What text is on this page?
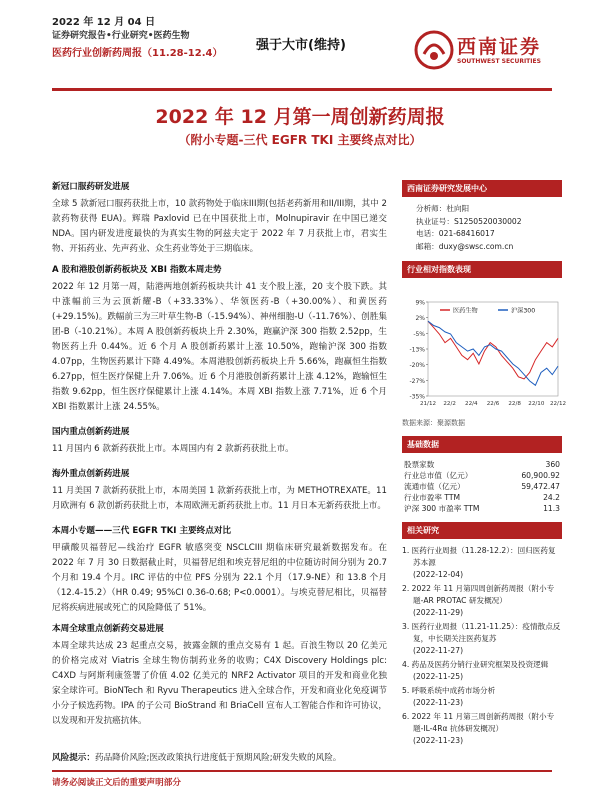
2022 年 12 月 04 日
证券研究报告•行业研究•医药生物
医药行业创新药周报（11.28-12.4）
强于大市(维持)	西南证券
SOUTHWEST SECURITIES
2022 年 12 月第一周创新药周报
（附小专题-三代 EGFR TKI 主要终点对比）
新冠口服药研发进展
全球 5 款新冠口服药获批上市，10 款药物处于临床III期(包括老药新用和II/III期，其中 2 款药物获得 EUA)。辉瑞 Paxlovid 已在中国获批上市，Molnupiravir 在中国已递交 NDA。国内研发进度最快的为真实生物的阿兹夫定于 2022 年 7 月获批上市，君实生物、开拓药业、先声药业、众生药业等处于三期临床。
A 股和港股创新药板块及 XBI 指数本周走势
2022 年 12 月第一周，陆港两地创新药板块共计 41 支个股上涨，20 支个股下跌。其中涨幅前三为云顶新耀-B（+33.33%）、华领医药-B（+30.00%）、和黄医药(+29.15%)。跌幅前三为三叶草生物-B（-15.94%）、神州细胞-U（-11.76%）、创胜集团-B（-10.21%）。本周 A 股创新药板块上升 2.30%，跑赢沪深 300 指数 2.52pp，生物医药上升 0.44%。近 6 个月 A 股创新药累计上涨 10.50%，跑输沪深 300 指数 4.07pp，生物医药累计下降 4.49%。本周港股创新药板块上升 5.66%，跑赢恒生指数 6.27pp，恒生医疗保健上升 7.06%。近 6 个月港股创新药累计上涨 4.12%，跑输恒生指数 9.62pp，恒生医疗保健累计上涨 4.14%。本周 XBI 指数上涨 7.71%，近 6 个月 XBI 指数累计上涨 24.55%。
国内重点创新药进展
11 月国内 6 款新药获批上市。本周国内有 2 款新药获批上市。
海外重点创新药进展
11 月美国 7 款新药获批上市，本周美国 1 款新药获批上市，为 METHOTREXATE。11 月欧洲有 6 款创新药获批上市，本周欧洲无新药获批上市。11 月日本无新药获批上市。
本周小专题——三代 EGFR TKI 主要终点对比
甲磺酸贝福替尼—线治疗 EGFR 敏感突变 NSCLCIII 期临床研究最新数据发布。在 2022 年 7 月 30 日数据截止时，贝福替尼组和埃克替尼组的中位随访时间分别为 20.7 个月和 19.4 个月。IRC 评估的中位 PFS 分别为 22.1 个月（17.9-NE）和 13.8 个月（12.4-15.2）（HR 0.49; 95%CI 0.36-0.68; P<0.0001）。与埃克替尼相比，贝福替尼将疾病进展或死亡的风险降低了 51%。
本周全球重点创新药交易进展
本周全球共达成 23 起重点交易，披露金额的重点交易有 1 起。百浪生物以 20 亿美元的价格完成对 Viatris 全球生物仿制药业务的收购；C4X Discovery Holdings plc: C4XD 与阿斯利康签署了价值 4.02 亿美元的 NRF2 Activator 项目的开发和商业化独家全球许可。BioNTech 和 Ryvu Therapeutics 进入全球合作，开发和商业化免疫调节小分子候选药物。IPA 的子公司 BioStrand 和 BriaCell 宣布人工智能合作和许可协议，以发现和开发抗癌抗体。
风险提示：药品降价风险;医改政策执行进度低于预期风险;研发失败的风险。
请务必阅读正文后的重要声明部分
西南证券研究发展中心
分析师：杜向阳
执业证号：S1250520030002
电话：021-68416017
邮箱：duxy@swsc.com.cn
行业相对指数表现
9%
2%
-5%
-13%
-20%
-27%
-35%
21/12 22/2 22/4 22/6 22/8 22/10 22/12
医药生物	沪深300
数据来源：聚源数据
基础数据
股票家数	360
行业总市值（亿元）	60,900.92
流通市值（亿元）	59,472.47
行业市盈率 TTM	24.2
沪深 300 市盈率 TTM	11.3
相关研究
1. 医药行业周报（11.28-12.2）：回归医药复苏本源
(2022-12-04)
2. 2022 年 11 月第四周创新药周报（附小专题-AR PROTAC 研发概况）
(2022-11-29)
3. 医药行业周报（11.21-11.25）：疫情散点反复，中长期关注医药复苏
(2022-11-27)
4. 药品及医药分销行业研究框架及投资逻辑
(2022-11-25)
5. 呼吸系统中成药市场分析
(2022-11-23)
6. 2022 年 11 月第三周创新药周报（附小专题-IL-4Rα 抗体研发概况）
(2022-11-23)
